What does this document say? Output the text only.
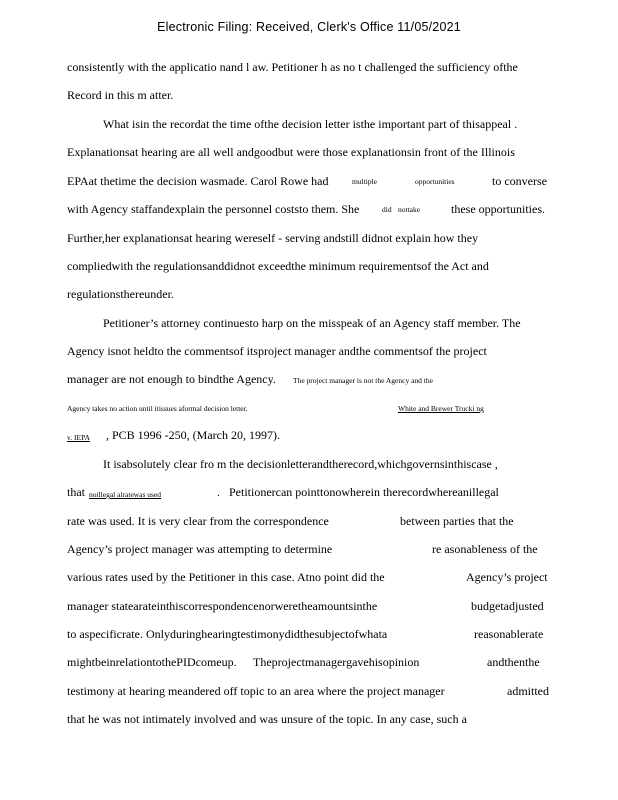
Electronic Filing: Received, Clerk's Office 11/05/2021
consistently with the applicatio nand l aw. Petitioner h as no t challenged the sufficiency ofthe
Record in this m atter.
What isin the recordat the time ofthe decision letter isthe important part of thisappeal .
Explanationsat hearing are all well andgoodbut were those explanationsin front of the Illinois
EPAat thetime the decision wasmade. Carol Rowe had	multiple	opportunities	to converse
with Agency staffandexplain the personnel coststo them. She	did nottake	these opportunities.
Further,her explanationsat hearing wereself - serving andstill didnot explain how they
compliedwith the regulationsanddidnot exceedthe minimum requirementsof the Act and
regulationsthereunder.
Petitioner’s attorney continuesto harp on the misspeak of an Agency staff member. The
Agency isnot heldto the commentsof itsproject manager andthe commentsof the project
manager are not enough to bindthe Agency. The project manager is not the Agency and the
Agency takes no action until itissues aformal decision letter.	White and Brewer Trucki ng
v. IEPA , PCB 1996 -250, (March 20, 1997).
It isabsolutely clear fro m the decisionletterandtherecord,whichgovernsinthiscase ,
that noillegal alratewas used	. Petitionercan pointtonowherein therecordwhereanillegal
rate was used. It is very clear from the correspondence	between parties that the
Agency’s project manager was attempting to determine	re asonableness of the
various rates used by the Petitioner in this case. Atno point did the	Agency’s project
manager statearateinthiscorrespondencenorweretheamountsinthe	budgetadjusted
to aspecificrate. Onlyduringhearingtestimonydidthesubjectofwhata	reasonablerate
mightbeinrelationtothePIDcomeup. Theprojectmanagergavehisopinion	andthenthe
testimony at hearing meandered off topic to an area where the project manager	admitted
that he was not intimately involved and was unsure of the topic. In any case, such a
